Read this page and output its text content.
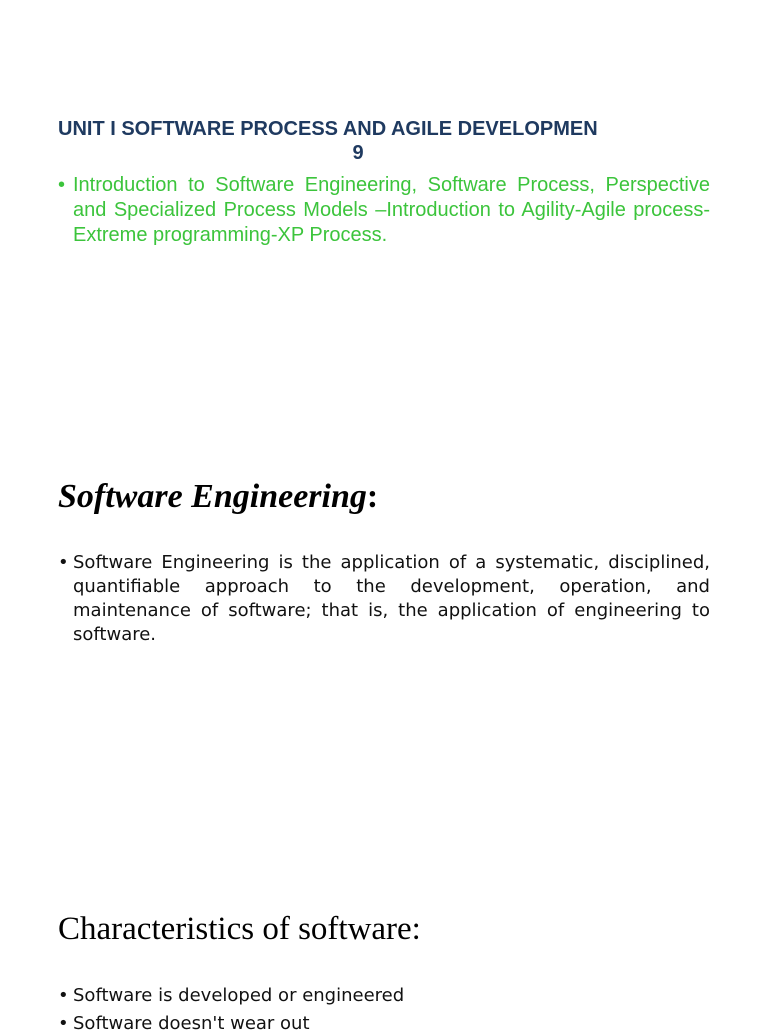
UNIT I SOFTWARE PROCESS AND AGILE DEVELOPMEN
9
• Introduction to Software Engineering, Software Process, Perspective and Specialized Process Models –Introduction to Agility-Agile process-Extreme programming-XP Process.
Software Engineering:
• Software Engineering is the application of a systematic, disciplined, quantifiable approach to the development, operation, and maintenance of software; that is, the application of engineering to software.
Characteristics of software:
• Software is developed or engineered
• Software doesn't wear out
